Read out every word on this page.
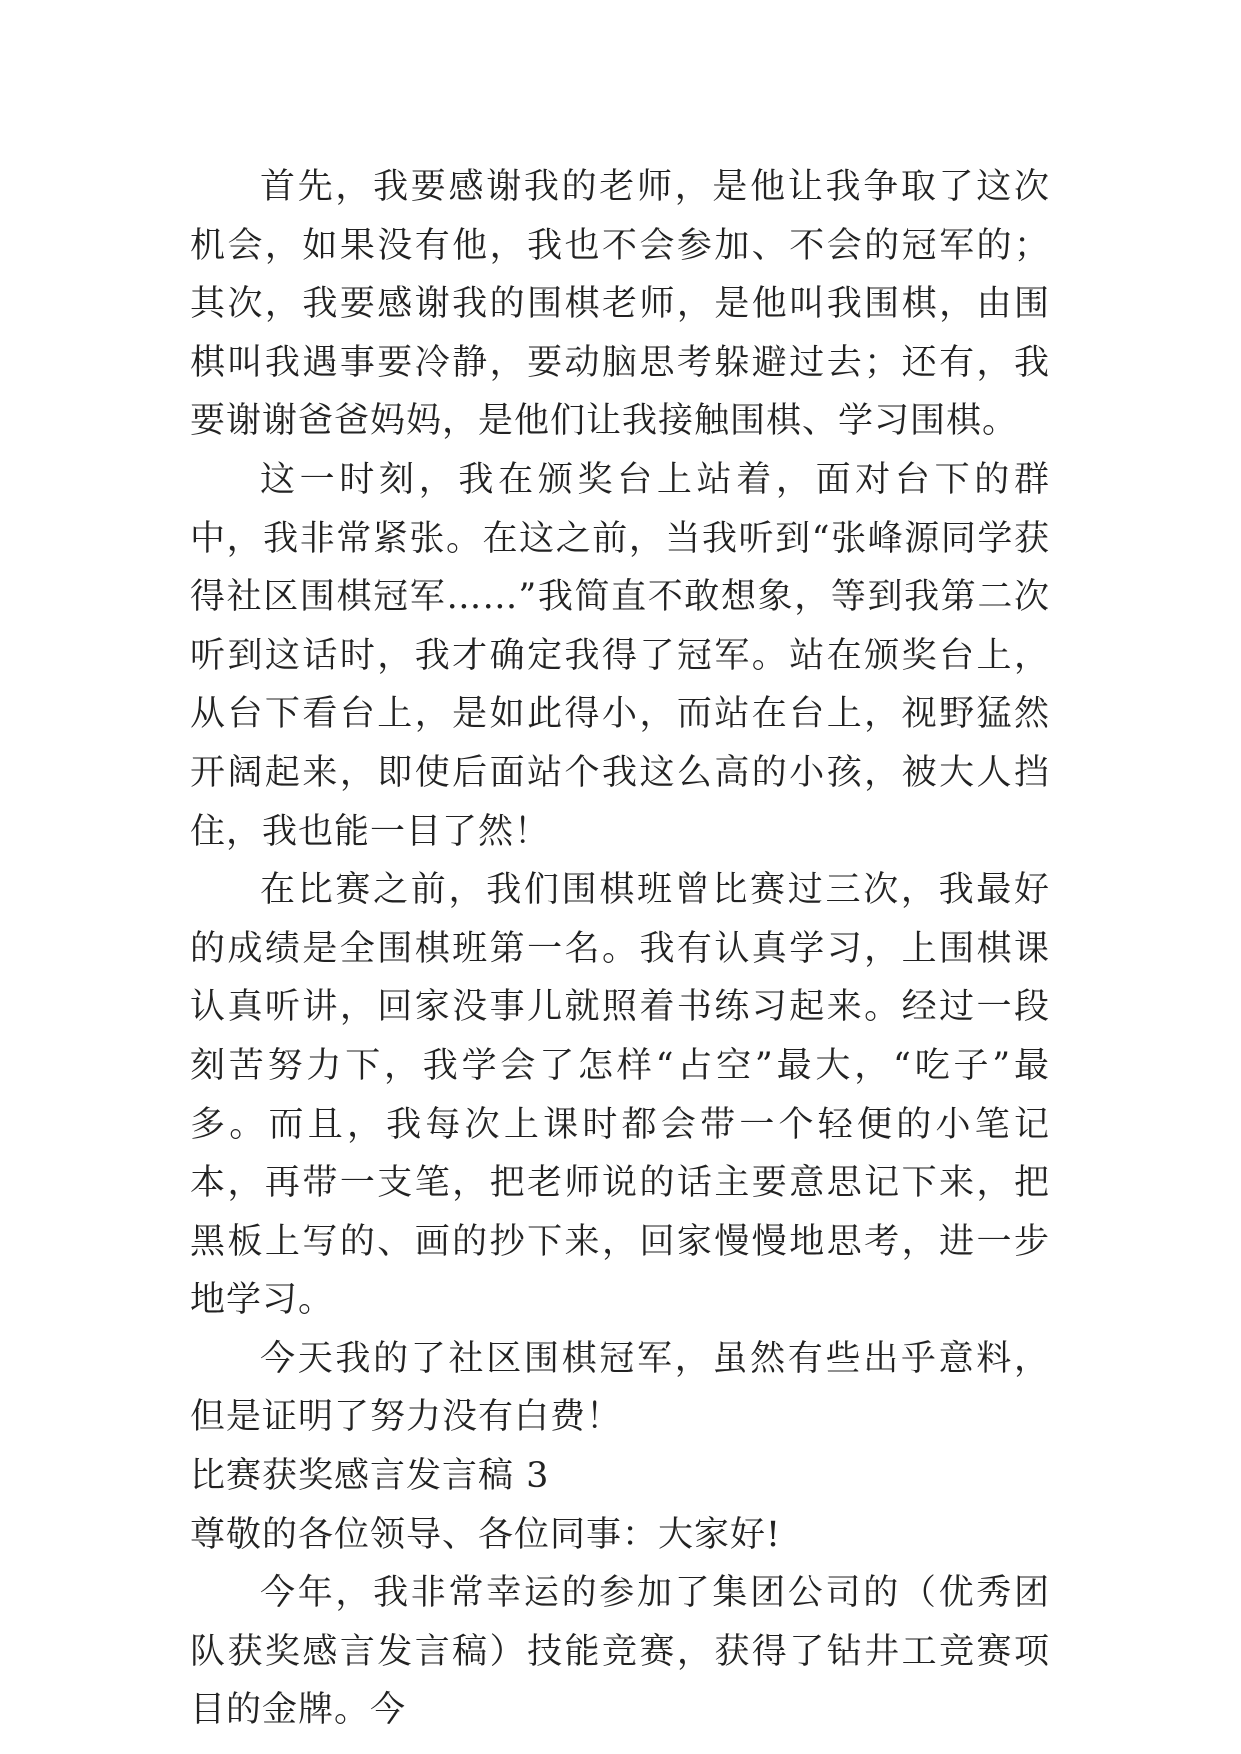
首先，我要感谢我的老师，是他让我争取了这次机会，如果没有他，我也不会参加、不会的冠军的；其次，我要感谢我的围棋老师，是他叫我围棋，由围棋叫我遇事要冷静，要动脑思考躲避过去；还有，我要谢谢爸爸妈妈，是他们让我接触围棋、学习围棋。

这一时刻，我在颁奖台上站着，面对台下的群中，我非常紧张。在这之前，当我听到“张峰源同学获得社区围棋冠军……”我简直不敢想象，等到我第二次听到这话时，我才确定我得了冠军。站在颁奖台上，从台下看台上，是如此得小，而站在台上，视野猛然开阔起来，即使后面站个我这么高的小孩，被大人挡住，我也能一目了然！

在比赛之前，我们围棋班曾比赛过三次，我最好的成绩是全围棋班第一名。我有认真学习，上围棋课认真听讲，回家没事儿就照着书练习起来。经过一段刻苦努力下，我学会了怎样“占空”最大，“吃子”最多。而且，我每次上课时都会带一个轻便的小笔记本，再带一支笔，把老师说的话主要意思记下来，把黑板上写的、画的抄下来，回家慢慢地思考，进一步地学习。

今天我的了社区围棋冠军，虽然有些出乎意料，但是证明了努力没有白费！

比赛获奖感言发言稿 3

尊敬的各位领导、各位同事：大家好!

今年，我非常幸运的参加了集团公司的（优秀团队获奖感言发言稿）技能竞赛，获得了钻井工竞赛项目的金牌。今
